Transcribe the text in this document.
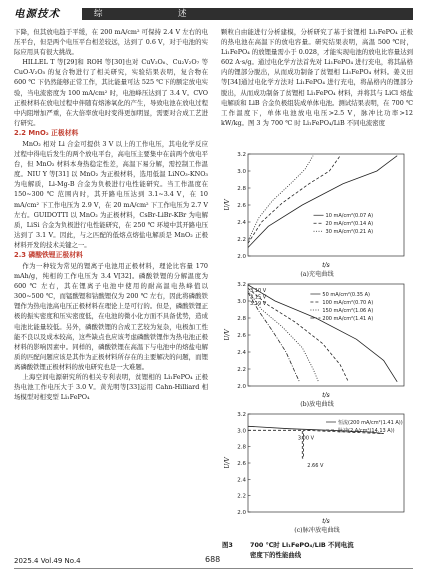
电源技术	综	述

下降，但其放电趋于平缓，在 200 mA/cm² 可保持 2.4 V 左右的电压平台，但是两个电压平台相差较远，达到了 0.6 V，对于电池的实际应用具有很大挑战。

HILLEL T 等[29]和 ROH 等[30]也对 CuV₂O₆、Cu₂V₂O₇ 等 CuO-V₂O₅ 的复合物进行了相关研究，实验结果表明，复合物在 600 ℃ 下仍然能够正常工作，其比能量可达 525 ℃下的额定放电实验，当电流密度为 100 mA/cm² 时，电池峰压达到了 3.4 V。CVO 正极材料在放电过程中伴随有熔渗氧化的产生，导致电池在放电过程中内阻增加严重，在大倍率放电时变得更加明显，需要对合成工艺进行研究。

2.2 MnO₂ 正极材料

MnO₂ 相对 Li 合金可提供 3 V 以上的工作电压，其电化学反应过程中得电后发生的两个放电平台，高电压主要集中在前两个放电平台，但 MnO₂ 材料本身热稳定性差，高温下易分解，需控制工作温度。NIU Y 等[31] 以 MnO₂ 为正极材料，选用低温 LiNO₃-KNO₃ 为电解质，Li-Mg-B 合金为负极进行电性能研究。当工作温度在 150~300 ℃ 范围内时，其开路电压达到 3.1~3.4 V，在 10 mA/cm² 下工作电压为 2.9 V，在 20 mA/cm² 下工作电压为 2.7 V 左右。GUIDOTTI 以 MnO₂ 为正极材料，CsBr-LiBr-KBr 为电解质，LiSi 合金为负极进行电性能研究，在 250 ℃ 环境中其开路电压达到了 3.1 V。因此，与之匹配的低熔点熔盐电解质是 MnO₂ 正极材料开发的技术关键之一。

2.3 磷酸铁锂正极材料

作为一种较为常见的锂离子电池用正极材料，理论比容量 170 mAh/g，纯相的工作电压为 3.4 V[32]。磷酸铁锂的分解温度为 600 ℃ 左右，其在锂离子电池中使用的耐高温电热峰值以 300~500 ℃，而锰酸锂和钴酸锂仅为 200 ℃ 左右，因此将磷酸铁锂作为热电池高电压正极材料在理论上是可行的。但是，磷酸铁锂正极的振实密度和压实密度低，在电池的微小化方面不具备优势，造成电池比能量较低。另外，磷酸铁锂的合成工艺较为复杂，电极加工性能不良以及成本较高，这些缺点也应该考虑磷酸铁锂作为热电池正极材料的影响因素中。同样的，磷酸铁锂在高温下与电池中的熔盐电解质的匹配问题应该是其作为正极材料所存在的主要解决的问题，而锂离磷酸铁锂正极材料的放电研究也是一大难题。

上海空间电源研究所的相关专利表明，贫锂相的 Li₁FePO₄ 正极热电池工作电压大于 3.0 V。黄光明等[33]运用 Cahn-Hilliard 相场模型对相变型 Li₁FePO₄

颗粒自由能进行分析建模，分析研究了基于贫锂相 Li₁FePO₄ 正极的热电池在高温下的放电容量。研究结果表明，高温 500 ℃时，Li₁FePO₄ 的放锂量需小于 0.028，才能实现电池的放电比容量达到 602 A·s/g。通过电化学方法首先对 Li₁FePO₄ 进行充电，将其晶格内的锂部分脱出，从而成功制备了贫锂相 Li₁FePO₄ 材料。姜义田等[34]通过电化学方法对 Li₁FePO₄ 进行充电，将晶格内的锂部分脱出，从而成功制备了贫锂相 Li₁FePO₄ 材料，并将其与 LiCl 熔盐电解质和 LiB 合金负极组装成单体电池。测试结果表明，在 700 ℃ 工作温度下，单体电池放电电压>2.5 V，脉冲比功率>12 kW/kg。图 3 为 700 ℃ 时 Li₁FePO₄/LiB 不同电流密度

2.0
2.2
2.4
2.6
2.8
3.0
3.2
U/V
t/s
10 mA/cm²(0.07 A)
20 mA/cm²(0.14 A)
30 mA/cm²(0.21 A)
(a)充电曲线
2.0
2.2
2.4
2.6
2.8
3.0
3.2
U/V
t/s
50 mA/cm²(0.35 A)
100 mA/cm²(0.70 A)
150 mA/cm²(1.06 A)
200 mA/cm²(1.41 A)
3.10 V
3.15 V
3.19 V
(b)放电曲线
2.0
2.2
2.4
2.6
2.8
3.0
3.2
U/V
t/s
恒流(200 mA/cm²(1.41 A))
脉冲(2 A/cm²(14.13 A))
3.00 V
2.66 V
(c)脉冲放电曲线
图3	700 ℃时 Li₁FePO₄/LiB 不同电流
密度下的性能曲线
2025.4 Vol.49 No.4	688
